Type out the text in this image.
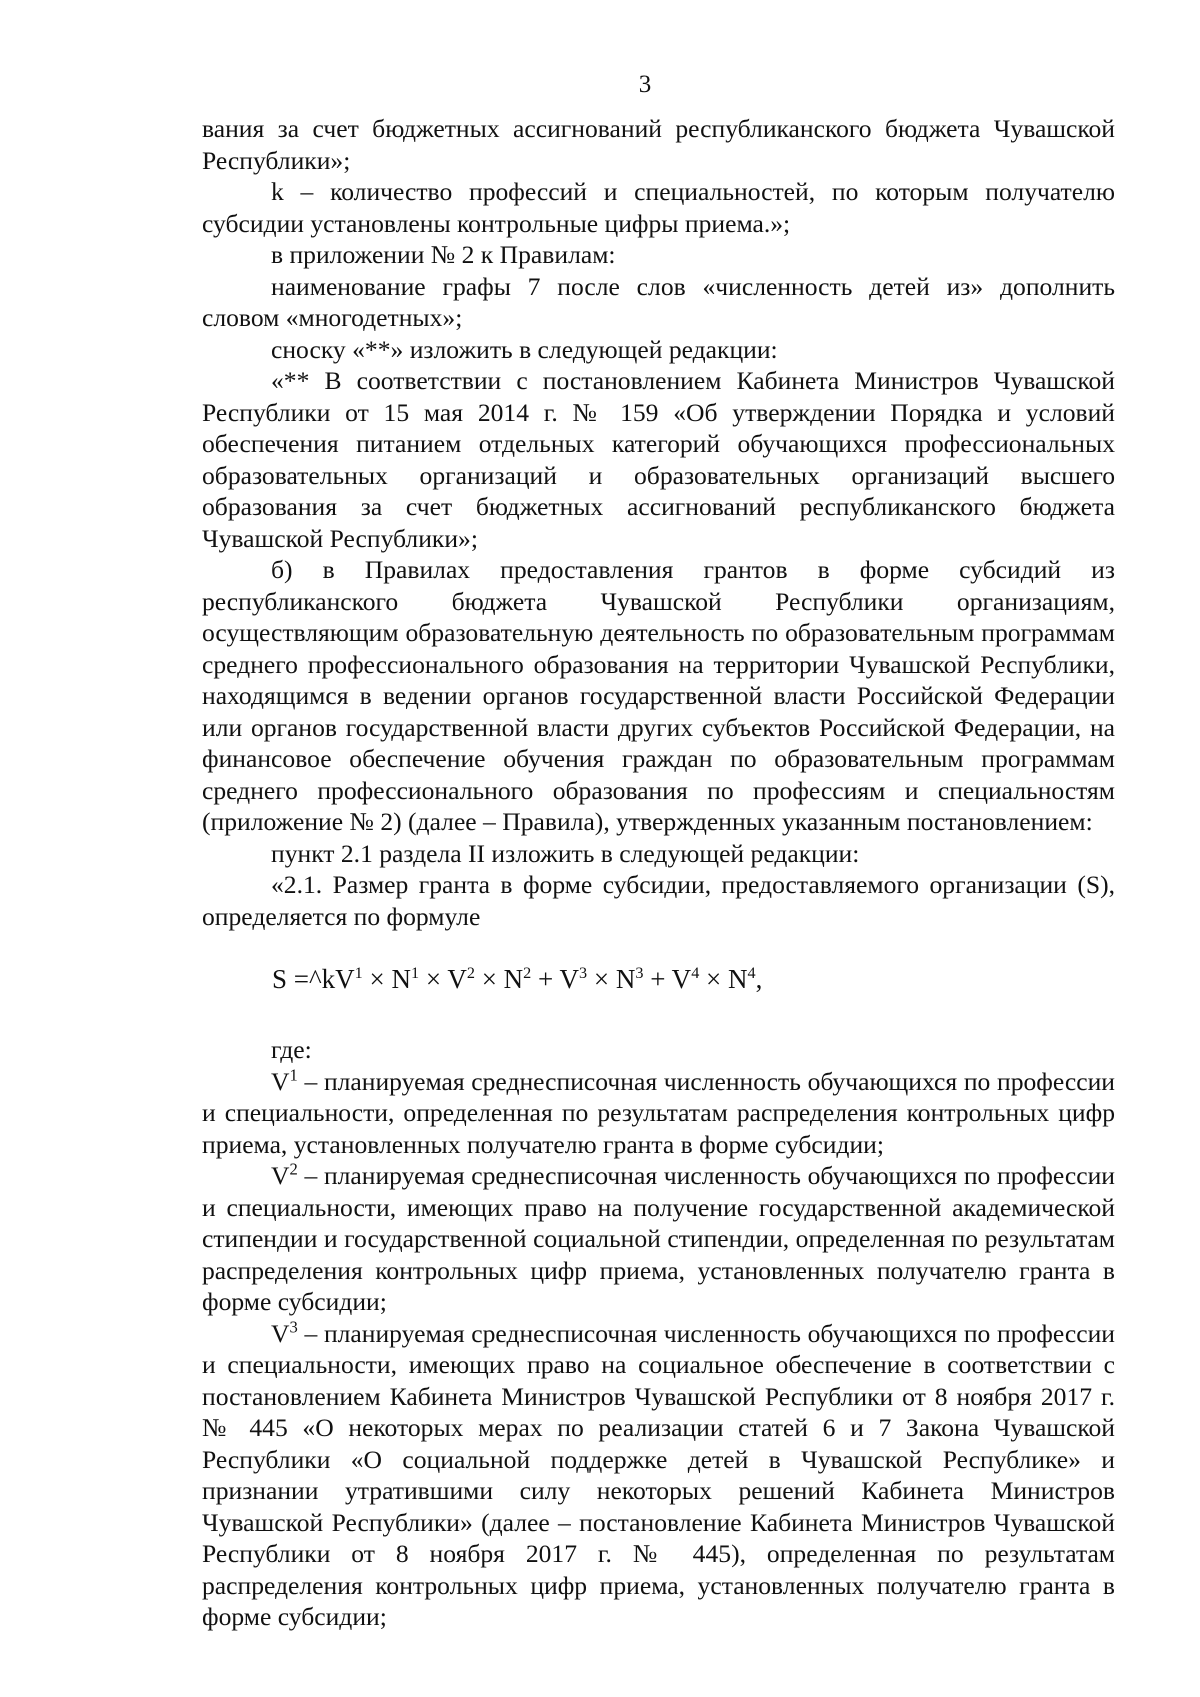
3

вания за счет бюджетных ассигнований республиканского бюджета Чувашской Республики»;

k – количество профессий и специальностей, по которым получателю субсидии установлены контрольные цифры приема.»;

в приложении № 2 к Правилам:

наименование графы 7 после слов «численность детей из» дополнить словом «многодетных»;

сноску «**» изложить в следующей редакции:

«** В соответствии с постановлением Кабинета Министров Чувашской Республики от 15 мая 2014 г. № 159 «Об утверждении Порядка и условий обеспечения питанием отдельных категорий обучающихся профессиональных образовательных организаций и образовательных организаций высшего образования за счет бюджетных ассигнований республиканского бюджета Чувашской Республики»;

б) в Правилах предоставления грантов в форме субсидий из республиканского бюджета Чувашской Республики организациям, осуществляющим образовательную деятельность по образовательным программам среднего профессионального образования на территории Чувашской Республики, находящимся в ведении органов государственной власти Российской Федерации или органов государственной власти других субъектов Российской Федерации, на финансовое обеспечение обучения граждан по образовательным программам среднего профессионального образования по профессиям и специальностям (приложение № 2) (далее – Правила), утвержденных указанным постановлением:

пункт 2.1 раздела II изложить в следующей редакции:

«2.1. Размер гранта в форме субсидии, предоставляемого организации (S), определяется по формуле

$S =\^{}kV^1 \times N^1 \times V^2 \times N^2 + V^3 \times N^3 + V^4 \times N^4$,

где:

$V^1$ – планируемая среднесписочная численность обучающихся по профессии и специальности, определенная по результатам распределения контрольных цифр приема, установленных получателю гранта в форме субсидии;

$V^2$ – планируемая среднесписочная численность обучающихся по профессии и специальности, имеющих право на получение государственной академической стипендии и государственной социальной стипендии, определенная по результатам распределения контрольных цифр приема, установленных получателю гранта в форме субсидии;

$V^3$ – планируемая среднесписочная численность обучающихся по профессии и специальности, имеющих право на социальное обеспечение в соответствии с постановлением Кабинета Министров Чувашской Республики от 8 ноября 2017 г. № 445 «О некоторых мерах по реализации статей 6 и 7 Закона Чувашской Республики «О социальной поддержке детей в Чувашской Республике» и признании утратившими силу некоторых решений Кабинета Министров Чувашской Республики» (далее – постановление Кабинета Министров Чувашской Республики от 8 ноября 2017 г. № 445), определенная по результатам распределения контрольных цифр приема, установленных получателю гранта в форме субсидии;
